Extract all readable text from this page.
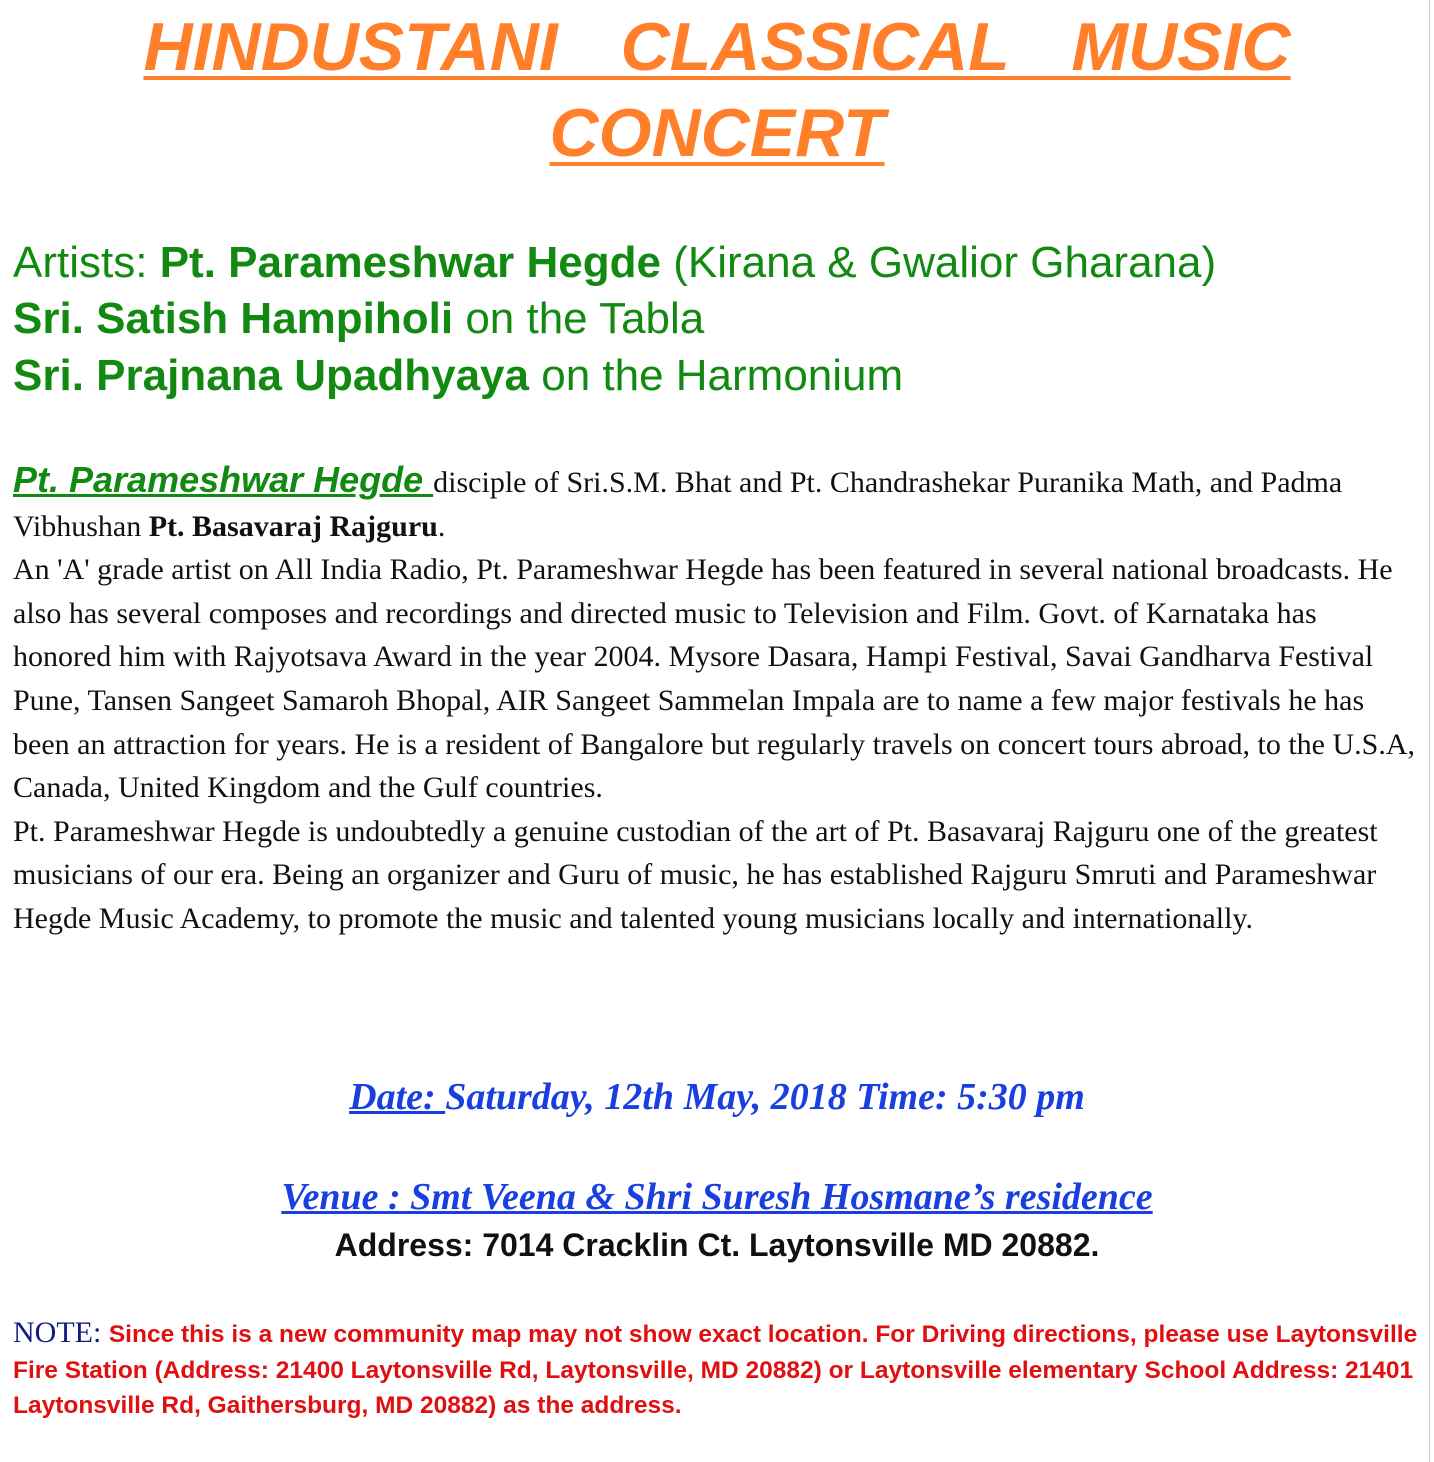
HINDUSTANI CLASSICAL MUSIC
CONCERT
Artists: Pt. Parameshwar Hegde (Kirana & Gwalior Gharana)
Sri. Satish Hampiholi on the Tabla
Sri. Prajnana Upadhyaya on the Harmonium

Pt. Parameshwar Hegde disciple of Sri.S.M. Bhat and Pt. Chandrashekar Puranika Math, and Padma Vibhushan Pt. Basavaraj Rajguru.

An 'A' grade artist on All India Radio, Pt. Parameshwar Hegde has been featured in several national broadcasts. He also has several composes and recordings and directed music to Television and Film. Govt. of Karnataka has honored him with Rajyotsava Award in the year 2004. Mysore Dasara, Hampi Festival, Savai Gandharva Festival Pune, Tansen Sangeet Samaroh Bhopal, AIR Sangeet Sammelan Impala are to name a few major festivals he has been an attraction for years. He is a resident of Bangalore but regularly travels on concert tours abroad, to the U.S.A, Canada, United Kingdom and the Gulf countries.

Pt. Parameshwar Hegde is undoubtedly a genuine custodian of the art of Pt. Basavaraj Rajguru one of the greatest musicians of our era. Being an organizer and Guru of music, he has established Rajguru Smruti and Parameshwar Hegde Music Academy, to promote the music and talented young musicians locally and internationally.

Date: Saturday, 12th May, 2018 Time: 5:30 pm
Venue : Smt Veena & Shri Suresh Hosmane’s residence
Address: 7014 Cracklin Ct. Laytonsville MD 20882.
NOTE: Since this is a new community map may not show exact location. For Driving directions, please use Laytonsville Fire Station (Address: 21400 Laytonsville Rd, Laytonsville, MD 20882) or Laytonsville elementary School Address: 21401 Laytonsville Rd, Gaithersburg, MD 20882) as the address.
